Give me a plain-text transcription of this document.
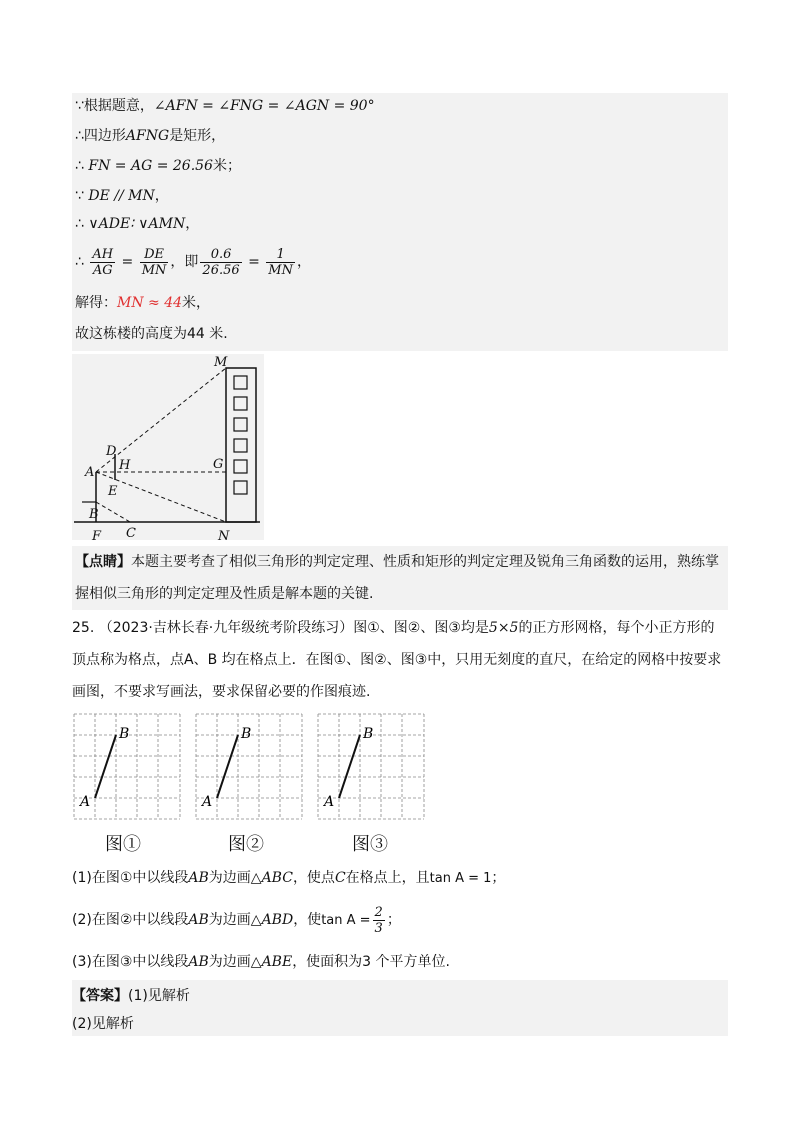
∵根据题意，∠AFN = ∠FNG = ∠AGN = 90°
∴四边形AFNG是矩形，
∴ FN = AG = 26.56米；
∵ DE // MN，
∴ ∨ADE∶ ∨AMN，
∴ $\frac{AH}{AG} = \frac{DE}{MN}$ ，即 $\frac{0.6}{26.56} = \frac{1}{MN}$ ，
解得：MN ≈ 44米，
故这栋楼的高度为44 米.
M
D
H
A
E
G
B
C
F	N
【点睛】本题主要考查了相似三角形的判定定理、性质和矩形的判定定理及锐角三角函数的运用，熟练掌握相似三角形的判定定理及性质是解本题的关键.
25. （2023·吉林长春·九年级统考阶段练习）图①、图②、图③均是5×5的正方形网格，每个小正方形的顶点称为格点，点A、B 均在格点上．在图①、图②、图③中，只用无刻度的直尺，在给定的网格中按要求画图，不要求写画法，要求保留必要的作图痕迹.
B
A
B
A
B
A
图①	图②	图③
(1)在图①中以线段AB为边画△ABC，使点C在格点上，且tan A = 1；
(2)在图②中以线段AB为边画△ABD，使$\tan A = \frac{2}{3}$ ；
(3)在图③中以线段AB为边画△ABE，使面积为3 个平方单位.
【答案】(1)见解析
(2)见解析
